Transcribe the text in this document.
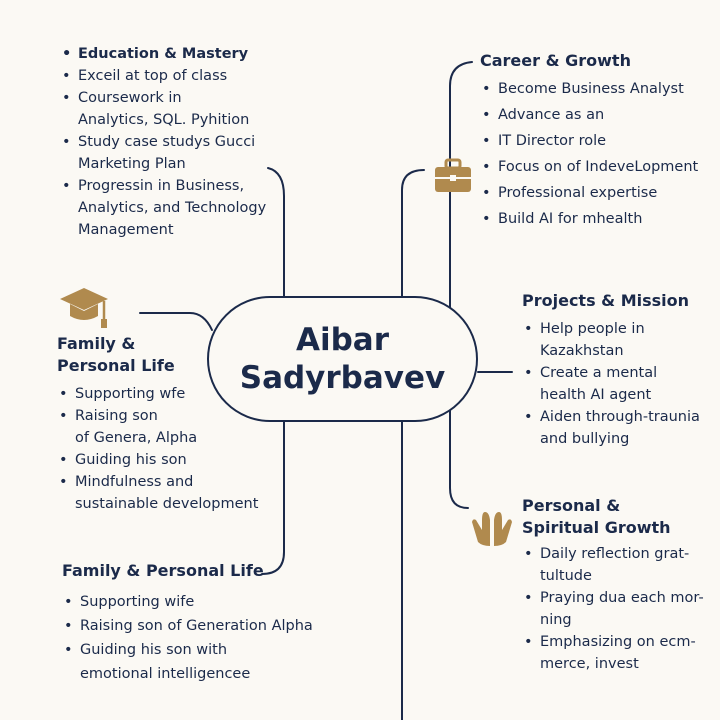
Aibar
Sadyrbavev
• Education & Mastery
• Exceil at top of class
• Coursework in
Analytics, SQL. Pyhition
• Study case studys Gucci
Marketing Plan
• Progressin in Business,
Analytics, and Technology
Management
Career & Growth
• Become Business Analyst
• Advance as an
• IT Director role
• Focus on of IndeveLopment
• Professional expertise
• Build AI for mhealth
Family &
Personal Life
• Supporting wfe
• Raising son
of Genera, Alpha
• Guiding his son
• Mindfulness and
sustainable development
Projects & Mission
• Help people in
Kazakhstan
• Create a mental
health AI agent
• Aiden through-traunia
and bullying
Personal &
Spiritual Growth
• Daily reflection grat-
tultude
• Praying dua each mor-
ning
• Emphasizing on ecm-
merce, invest
Family & Personal Life
• Supporting wife
• Raising son of Generation Alpha
• Guiding his son with
emotional intelligencee
